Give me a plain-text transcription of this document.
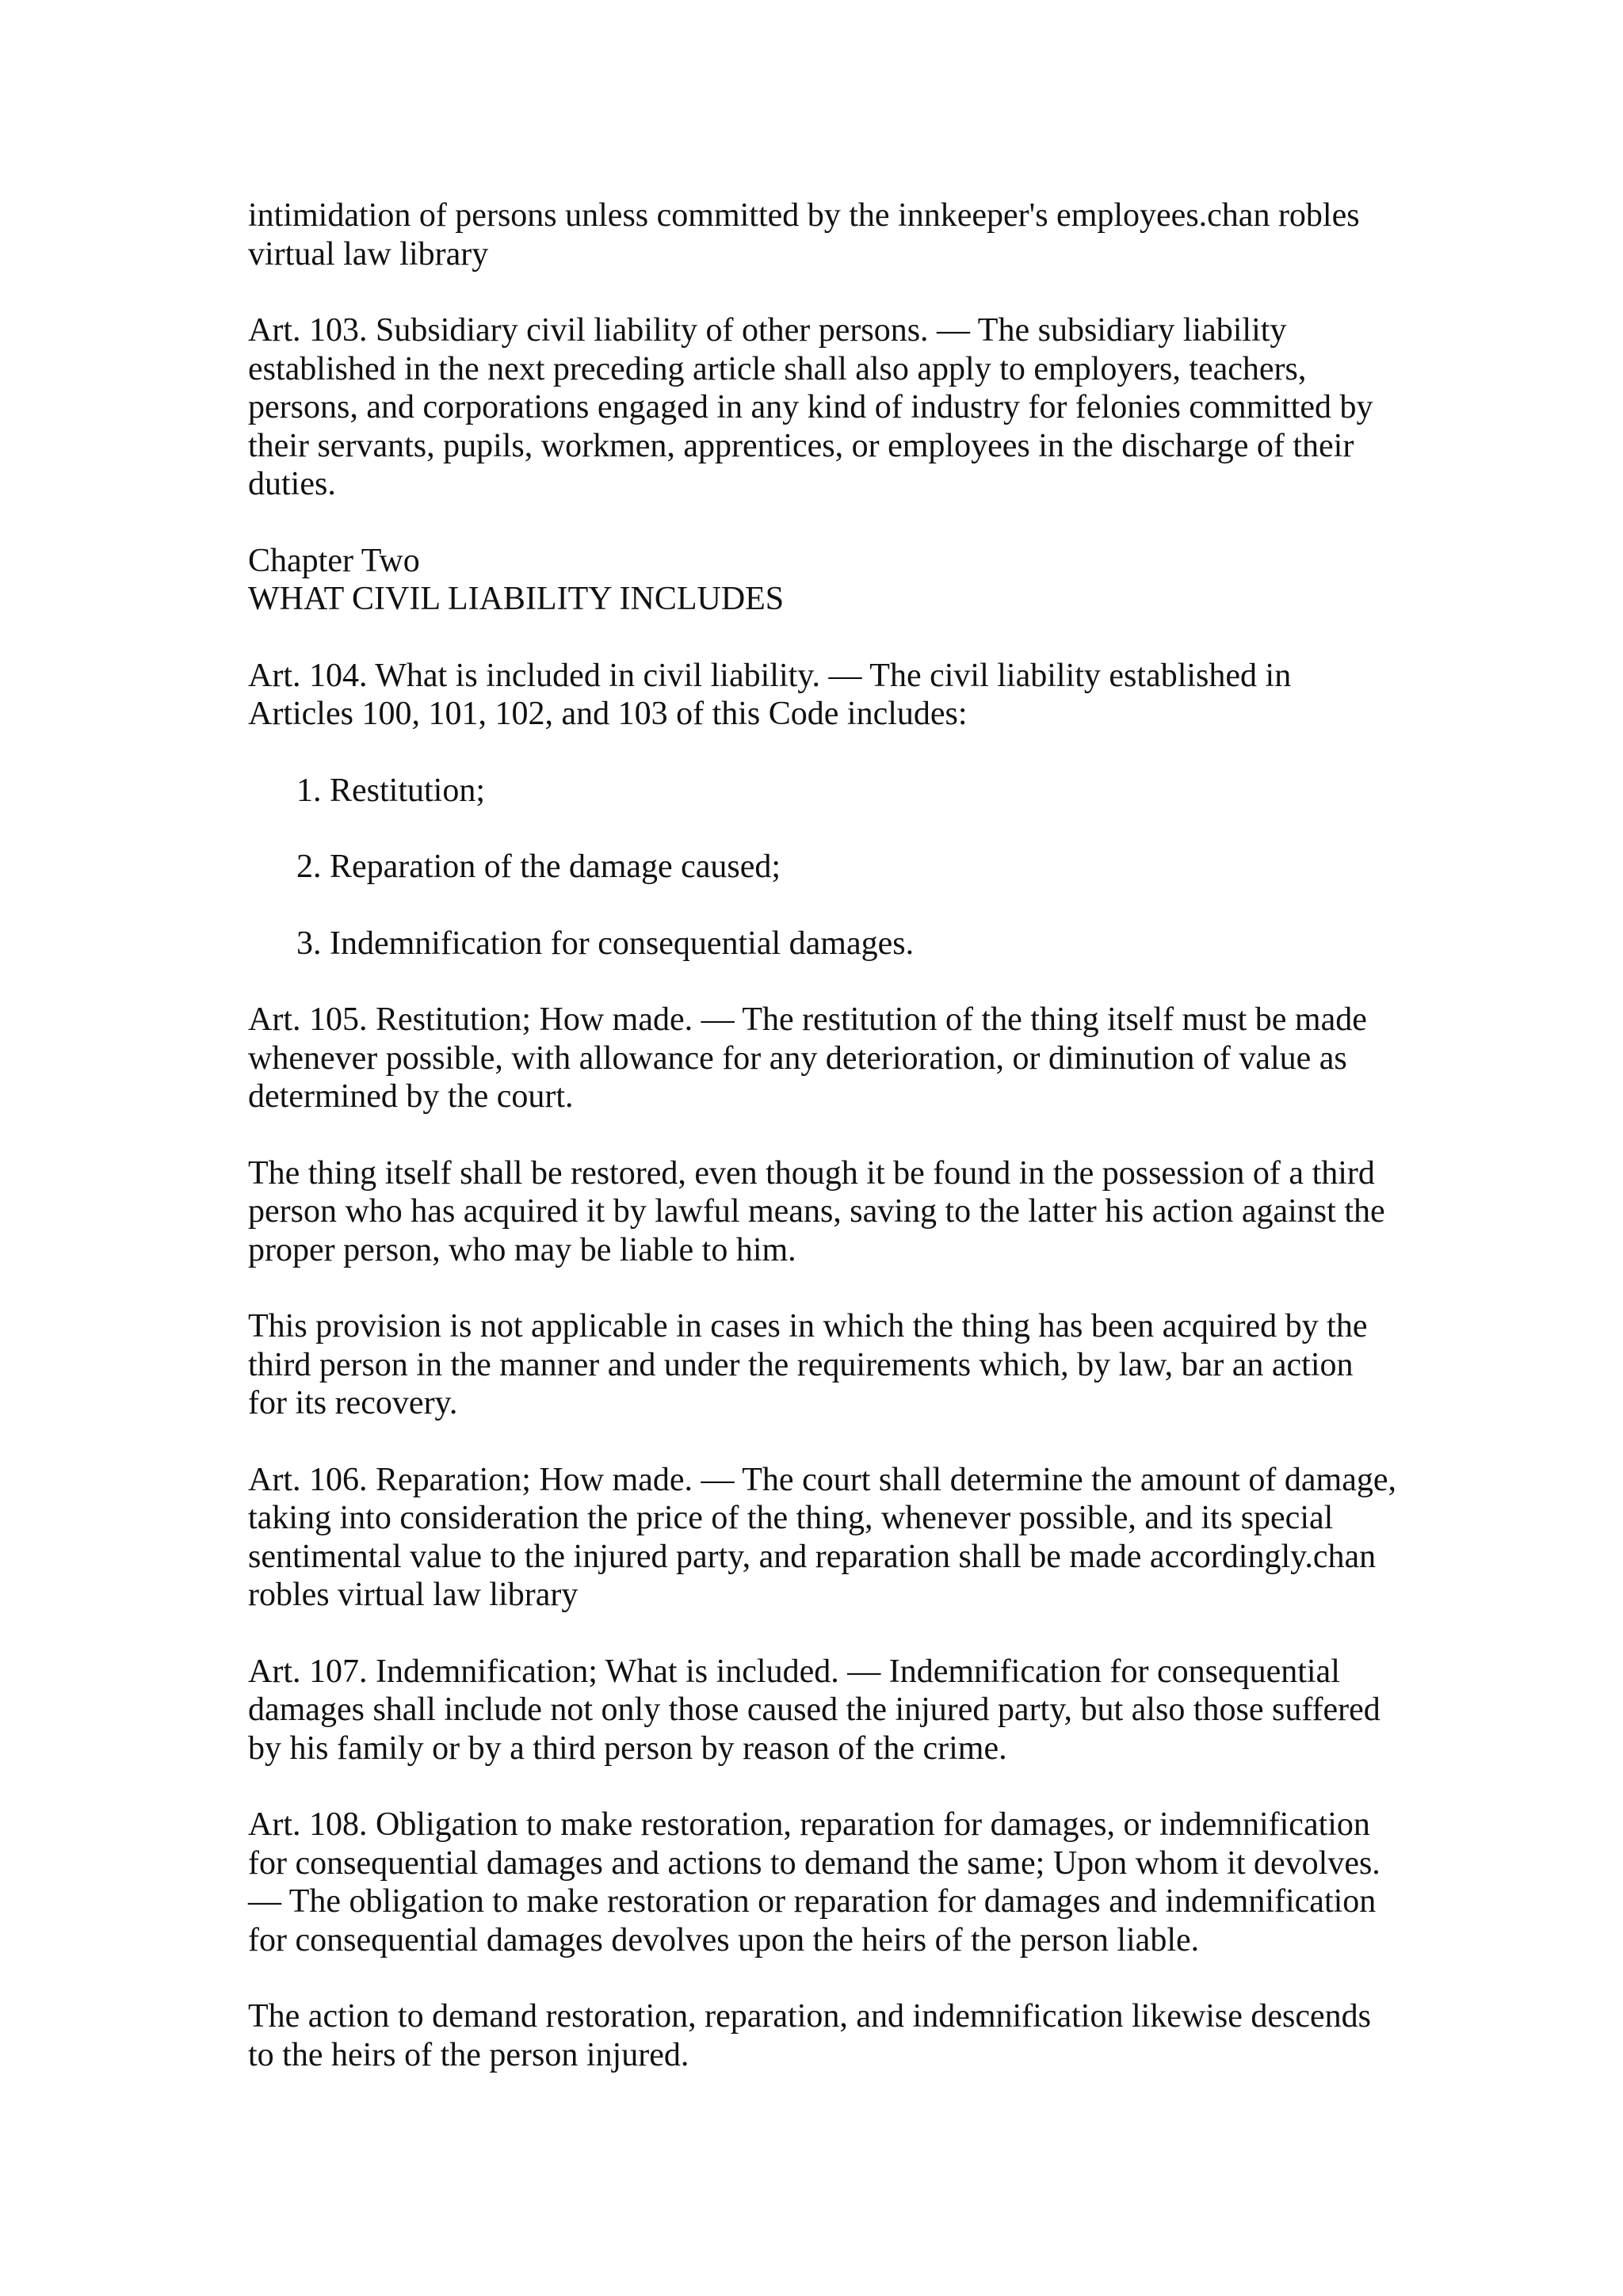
intimidation of persons unless committed by the innkeeper's employees.chan robles virtual law library

Art. 103. Subsidiary civil liability of other persons. — The subsidiary liability established in the next preceding article shall also apply to employers, teachers, persons, and corporations engaged in any kind of industry for felonies committed by their servants, pupils, workmen, apprentices, or employees in the discharge of their duties.

Chapter Two
WHAT CIVIL LIABILITY INCLUDES

Art. 104. What is included in civil liability. — The civil liability established in Articles 100, 101, 102, and 103 of this Code includes:

1. Restitution;
2. Reparation of the damage caused;
3. Indemnification for consequential damages.

Art. 105. Restitution; How made. — The restitution of the thing itself must be made whenever possible, with allowance for any deterioration, or diminution of value as determined by the court.

The thing itself shall be restored, even though it be found in the possession of a third person who has acquired it by lawful means, saving to the latter his action against the proper person, who may be liable to him.

This provision is not applicable in cases in which the thing has been acquired by the third person in the manner and under the requirements which, by law, bar an action for its recovery.

Art. 106. Reparation; How made. — The court shall determine the amount of damage, taking into consideration the price of the thing, whenever possible, and its special sentimental value to the injured party, and reparation shall be made accordingly.chan robles virtual law library

Art. 107. Indemnification; What is included. — Indemnification for consequential damages shall include not only those caused the injured party, but also those suffered by his family or by a third person by reason of the crime.

Art. 108. Obligation to make restoration, reparation for damages, or indemnification for consequential damages and actions to demand the same; Upon whom it devolves. — The obligation to make restoration or reparation for damages and indemnification for consequential damages devolves upon the heirs of the person liable.

The action to demand restoration, reparation, and indemnification likewise descends to the heirs of the person injured.
